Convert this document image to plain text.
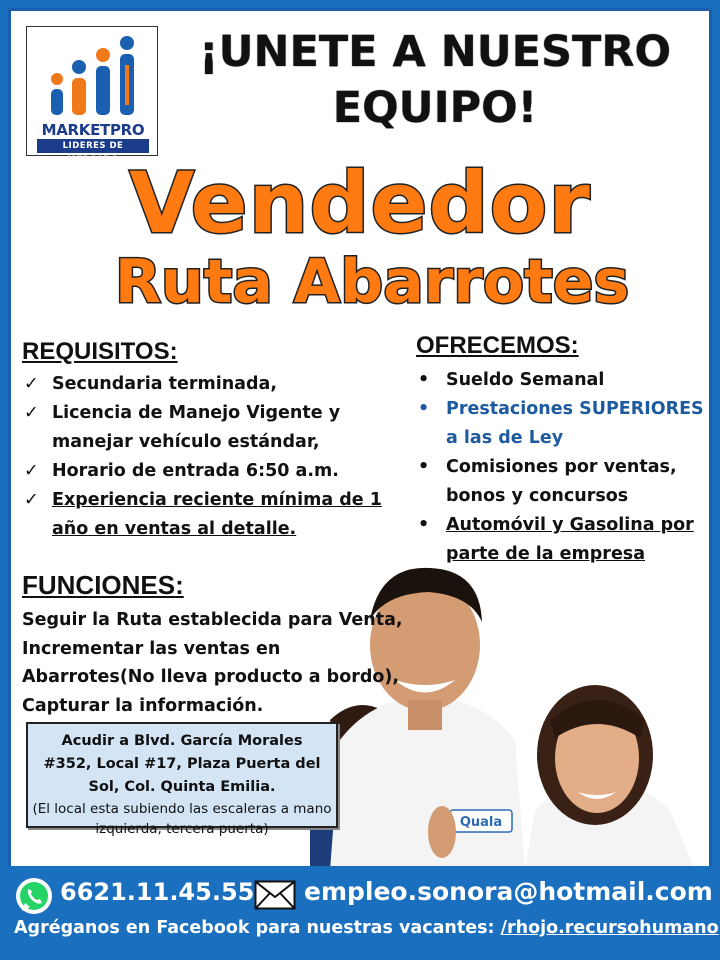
MARKETPRO
LIDERES DE MERCADO
¡UNETE A NUESTRO
EQUIPO!
Vendedor
Ruta Abarrotes
REQUISITOS:
✓ Secundaria terminada,
✓ Licencia de Manejo Vigente y manejar vehículo estándar,
✓ Horario de entrada 6:50 a.m.
✓ Experiencia reciente mínima de 1 año en ventas al detalle.
OFRECEMOS:
• Sueldo Semanal
• Prestaciones SUPERIORES a las de Ley
• Comisiones por ventas, bonos y concursos
• Automóvil y Gasolina por parte de la empresa
Quala
FUNCIONES:
Seguir la Ruta establecida para Venta, Incrementar las ventas en Abarrotes(No lleva producto a bordo), Capturar la información.
Acudir a Blvd. García Morales #352, Local #17, Plaza Puerta del Sol, Col. Quinta Emilia.
(El local esta subiendo las escaleras a mano izquierda, tercera puerta)
6621.11.45.55 empleo.sonora@hotmail.com
Agréganos en Facebook para nuestras vacantes: /rhojo.recursohumano
